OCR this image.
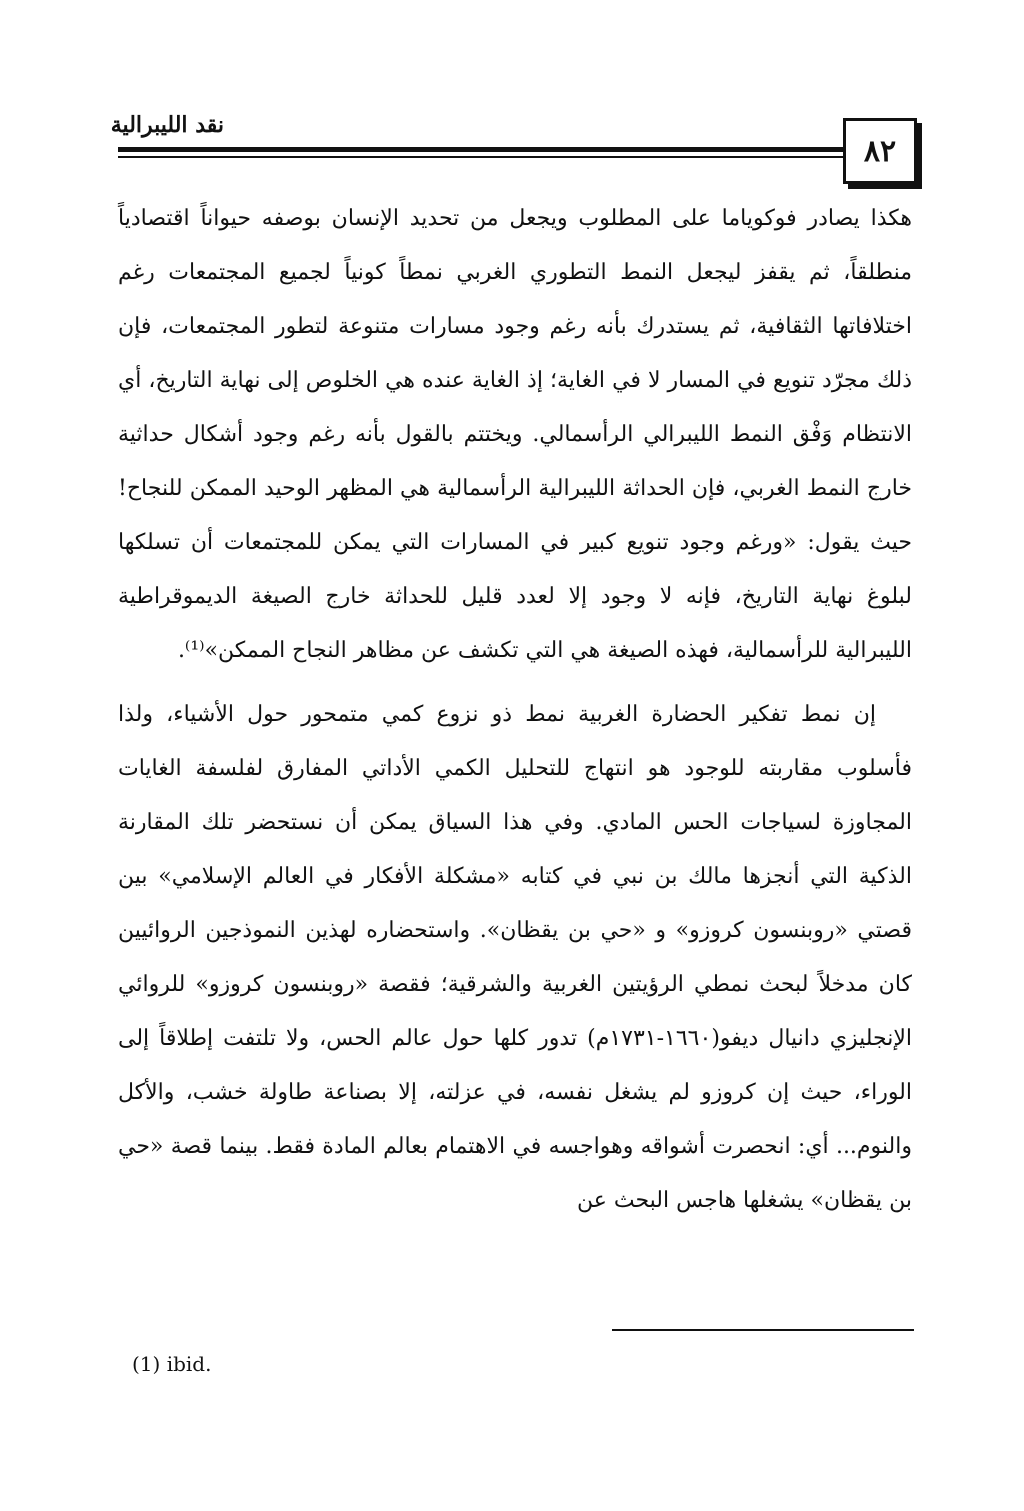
٨٢
نقد الليبرالية

هكذا يصادر فوكوياما على المطلوب ويجعل من تحديد الإنسان بوصفه حيواناً اقتصادياً منطلقاً، ثم يقفز ليجعل النمط التطوري الغربي نمطاً كونياً لجميع المجتمعات رغم اختلافاتها الثقافية، ثم يستدرك بأنه رغم وجود مسارات متنوعة لتطور المجتمعات، فإن ذلك مجرّد تنويع في المسار لا في الغاية؛ إذ الغاية عنده هي الخلوص إلى نهاية التاريخ، أي الانتظام وَفْق النمط الليبرالي الرأسمالي. ويختتم بالقول بأنه رغم وجود أشكال حداثية خارج النمط الغربي، فإن الحداثة الليبرالية الرأسمالية هي المظهر الوحيد الممكن للنجاح! حيث يقول: «ورغم وجود تنويع كبير في المسارات التي يمكن للمجتمعات أن تسلكها لبلوغ نهاية التاريخ، فإنه لا وجود إلا لعدد قليل للحداثة خارج الصيغة الديموقراطية الليبرالية للرأسمالية، فهذه الصيغة هي التي تكشف عن مظاهر النجاح الممكن»⁽¹⁾.

إن نمط تفكير الحضارة الغربية نمط ذو نزوع كمي متمحور حول الأشياء، ولذا فأسلوب مقاربته للوجود هو انتهاج للتحليل الكمي الأداتي المفارق لفلسفة الغايات المجاوزة لسياجات الحس المادي. وفي هذا السياق يمكن أن نستحضر تلك المقارنة الذكية التي أنجزها مالك بن نبي في كتابه «مشكلة الأفكار في العالم الإسلامي» بين قصتي «روبنسون كروزو» و «حي بن يقظان». واستحضاره لهذين النموذجين الروائيين كان مدخلاً لبحث نمطي الرؤيتين الغربية والشرقية؛ فقصة «روبنسون كروزو» للروائي الإنجليزي دانيال ديفو(١٦٦٠-١٧٣١م) تدور كلها حول عالم الحس، ولا تلتفت إطلاقاً إلى الوراء، حيث إن كروزو لم يشغل نفسه، في عزلته، إلا بصناعة طاولة خشب، والأكل والنوم... أي: انحصرت أشواقه وهواجسه في الاهتمام بعالم المادة فقط. بينما قصة «حي بن يقظان» يشغلها هاجس البحث عن

(1) ibid.
